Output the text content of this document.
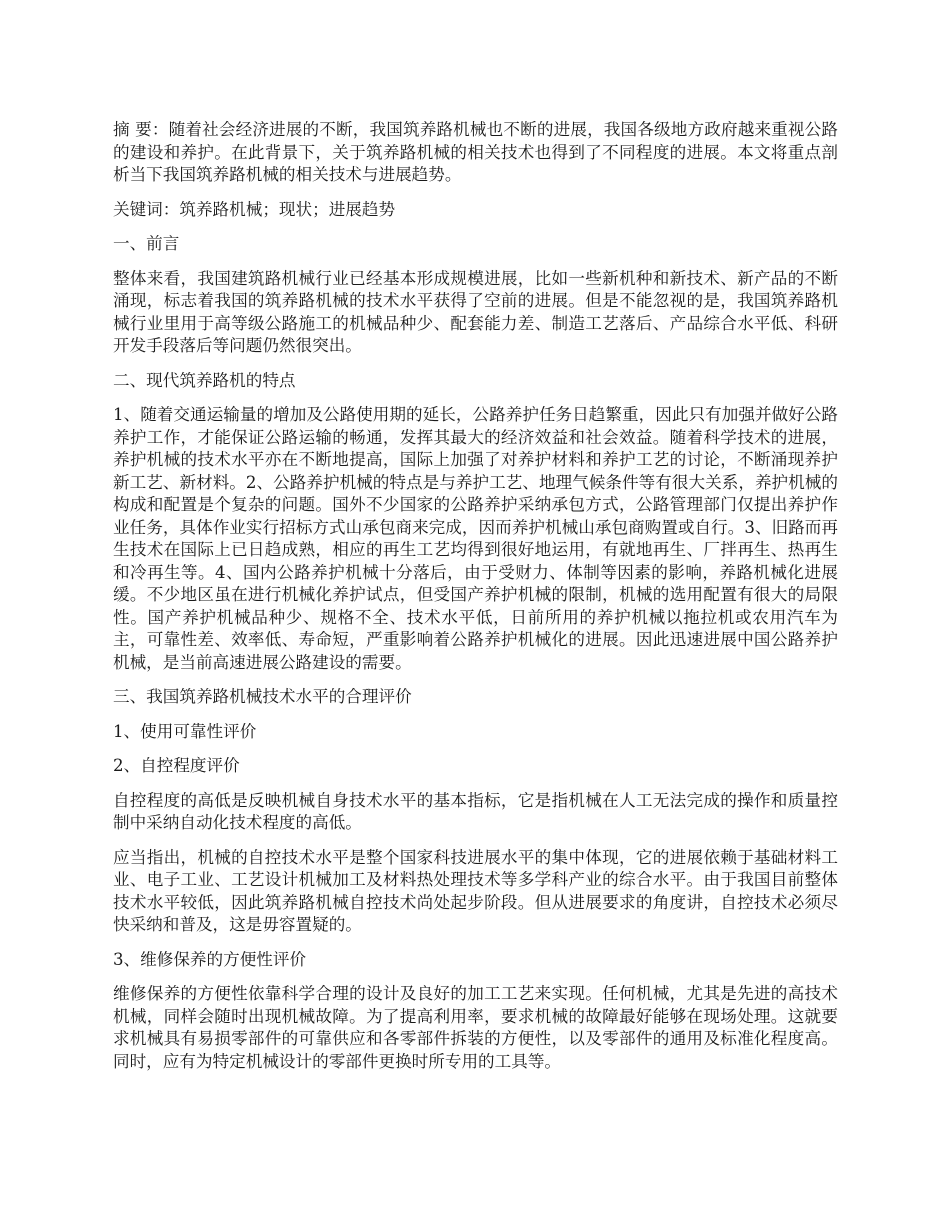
摘 要：随着社会经济进展的不断，我国筑养路机械也不断的进展，我国各级地方政府越来重视公路的建设和养护。在此背景下，关于筑养路机械的相关技术也得到了不同程度的进展。本文将重点剖析当下我国筑养路机械的相关技术与进展趋势。

关键词：筑养路机械；现状；进展趋势

一、前言

整体来看，我国建筑路机械行业已经基本形成规模进展，比如一些新机种和新技术、新产品的不断涌现，标志着我国的筑养路机械的技术水平获得了空前的进展。但是不能忽视的是，我国筑养路机械行业里用于高等级公路施工的机械品种少、配套能力差、制造工艺落后、产品综合水平低、科研开发手段落后等问题仍然很突出。

二、现代筑养路机的特点

1、随着交通运输量的增加及公路使用期的延长，公路养护任务日趋繁重，因此只有加强并做好公路养护工作，才能保证公路运输的畅通，发挥其最大的经济效益和社会效益。随着科学技术的进展，养护机械的技术水平亦在不断地提高，国际上加强了对养护材料和养护工艺的讨论，不断涌现养护新工艺、新材料。2、公路养护机械的特点是与养护工艺、地理气候条件等有很大关系，养护机械的构成和配置是个复杂的问题。国外不少国家的公路养护采纳承包方式，公路管理部门仅提出养护作业任务，具体作业实行招标方式山承包商来完成，因而养护机械山承包商购置或自行。3、旧路而再生技术在国际上已日趋成熟，相应的再生工艺均得到很好地运用，有就地再生、厂拌再生、热再生和冷再生等。4、国内公路养护机械十分落后，由于受财力、体制等因素的影响，养路机械化进展缓。不少地区虽在进行机械化养护试点，但受国产养护机械的限制，机械的选用配置有很大的局限性。国产养护机械品种少、规格不全、技术水平低，日前所用的养护机械以拖拉机或农用汽车为主，可靠性差、效率低、寿命短，严重影响着公路养护机械化的进展。因此迅速进展中国公路养护机械，是当前高速进展公路建设的需要。

三、我国筑养路机械技术水平的合理评价

1、使用可靠性评价

2、自控程度评价

自控程度的高低是反映机械自身技术水平的基本指标，它是指机械在人工无法完成的操作和质量控制中采纳自动化技术程度的高低。

应当指出，机械的自控技术水平是整个国家科技进展水平的集中体现，它的进展依赖于基础材料工业、电子工业、工艺设计机械加工及材料热处理技术等多学科产业的综合水平。由于我国目前整体技术水平较低，因此筑养路机械自控技术尚处起步阶段。但从进展要求的角度讲，自控技术必须尽快采纳和普及，这是毋容置疑的。

3、维修保养的方便性评价

维修保养的方便性依靠科学合理的设计及良好的加工工艺来实现。任何机械，尤其是先进的高技术机械，同样会随时出现机械故障。为了提高利用率，要求机械的故障最好能够在现场处理。这就要求机械具有易损零部件的可靠供应和各零部件拆装的方便性，以及零部件的通用及标准化程度高。同时，应有为特定机械设计的零部件更换时所专用的工具等。
